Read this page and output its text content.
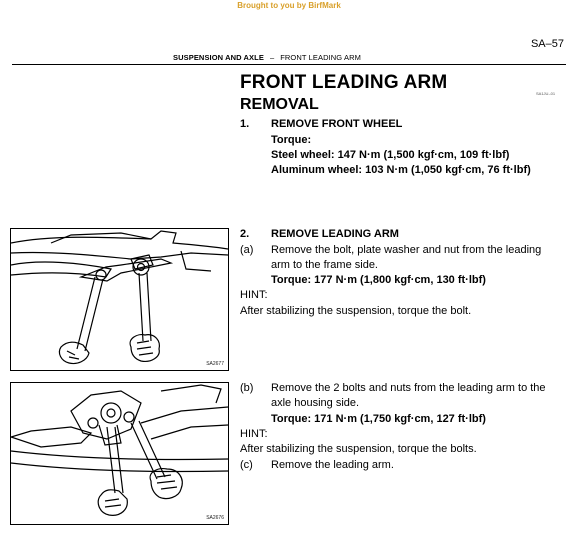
Brought to you by BirfMark
SA–57
SUSPENSION AND AXLE – FRONT LEADING ARM
FRONT LEADING ARM
REMOVAL
SA1JU–01
1. REMOVE FRONT WHEEL
Torque:
Steel wheel: 147 N·m (1,500 kgf·cm, 109 ft·lbf)
Aluminum wheel: 103 N·m (1,050 kgf·cm, 76 ft·lbf)
2. REMOVE LEADING ARM
(a) Remove the bolt, plate washer and nut from the leading
arm to the frame side.
Torque: 177 N·m (1,800 kgf·cm, 130 ft·lbf)
HINT:
After stabilizing the suspension, torque the bolt.
(b) Remove the 2 bolts and nuts from the leading arm to the
axle housing side.
Torque: 171 N·m (1,750 kgf·cm, 127 ft·lbf)
HINT:
After stabilizing the suspension, torque the bolts.
(c) Remove the leading arm.
SA2677
SA2676
